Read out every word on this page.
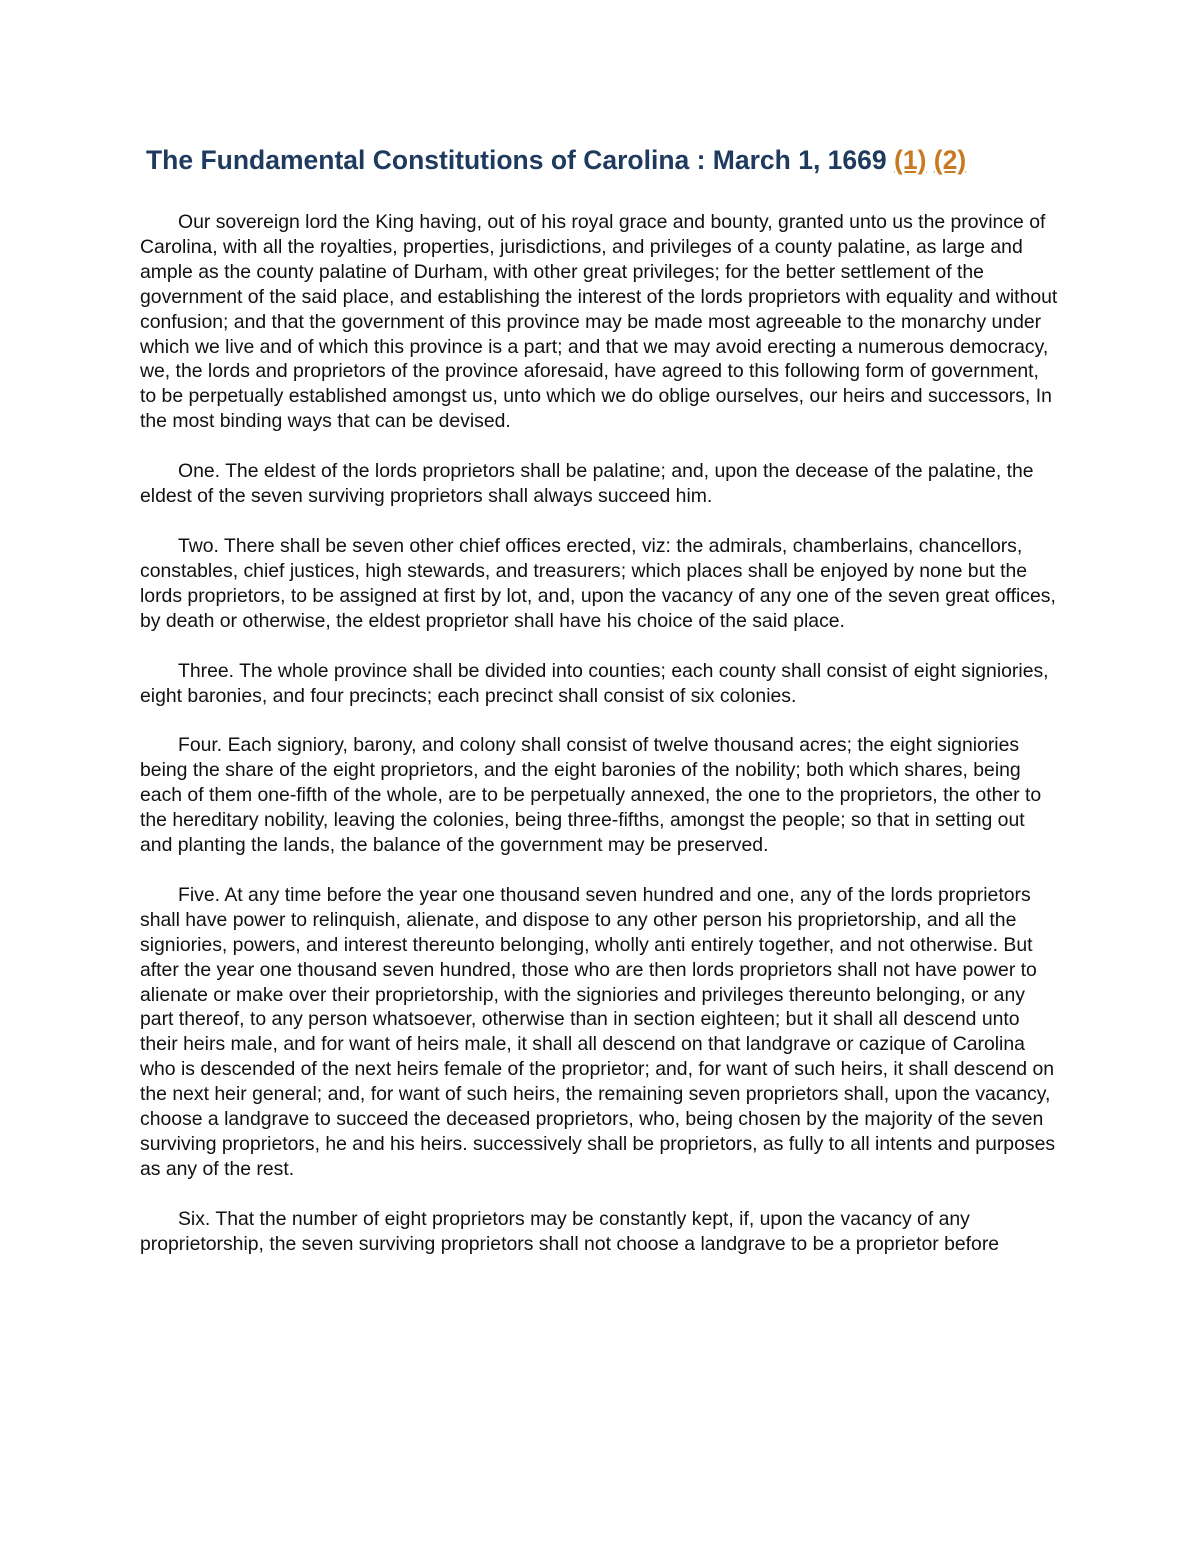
The Fundamental Constitutions of Carolina : March 1, 1669 (1) (2)

Our sovereign lord the King having, out of his royal grace and bounty, granted unto us the province of Carolina, with all the royalties, properties, jurisdictions, and privileges of a county palatine, as large and ample as the county palatine of Durham, with other great privileges; for the better settlement of the government of the said place, and establishing the interest of the lords proprietors with equality and without confusion; and that the government of this province may be made most agreeable to the monarchy under which we live and of which this province is a part; and that we may avoid erecting a numerous democracy, we, the lords and proprietors of the province aforesaid, have agreed to this following form of government, to be perpetually established amongst us, unto which we do oblige ourselves, our heirs and successors, In the most binding ways that can be devised.

One. The eldest of the lords proprietors shall be palatine; and, upon the decease of the palatine, the eldest of the seven surviving proprietors shall always succeed him.

Two. There shall be seven other chief offices erected, viz: the admirals, chamberlains, chancellors, constables, chief justices, high stewards, and treasurers; which places shall be enjoyed by none but the lords proprietors, to be assigned at first by lot, and, upon the vacancy of any one of the seven great offices, by death or otherwise, the eldest proprietor shall have his choice of the said place.

Three. The whole province shall be divided into counties; each county shall consist of eight signiories, eight baronies, and four precincts; each precinct shall consist of six colonies.

Four. Each signiory, barony, and colony shall consist of twelve thousand acres; the eight signiories being the share of the eight proprietors, and the eight baronies of the nobility; both which shares, being each of them one-fifth of the whole, are to be perpetually annexed, the one to the proprietors, the other to the hereditary nobility, leaving the colonies, being three-fifths, amongst the people; so that in setting out and planting the lands, the balance of the government may be preserved.

Five. At any time before the year one thousand seven hundred and one, any of the lords proprietors shall have power to relinquish, alienate, and dispose to any other person his proprietorship, and all the signiories, powers, and interest thereunto belonging, wholly anti entirely together, and not otherwise. But after the year one thousand seven hundred, those who are then lords proprietors shall not have power to alienate or make over their proprietorship, with the signiories and privileges thereunto belonging, or any part thereof, to any person whatsoever, otherwise than in section eighteen; but it shall all descend unto their heirs male, and for want of heirs male, it shall all descend on that landgrave or cazique of Carolina who is descended of the next heirs female of the proprietor; and, for want of such heirs, it shall descend on the next heir general; and, for want of such heirs, the remaining seven proprietors shall, upon the vacancy, choose a landgrave to succeed the deceased proprietors, who, being chosen by the majority of the seven surviving proprietors, he and his heirs. successively shall be proprietors, as fully to all intents and purposes as any of the rest.

Six. That the number of eight proprietors may be constantly kept, if, upon the vacancy of any proprietorship, the seven surviving proprietors shall not choose a landgrave to be a proprietor before
